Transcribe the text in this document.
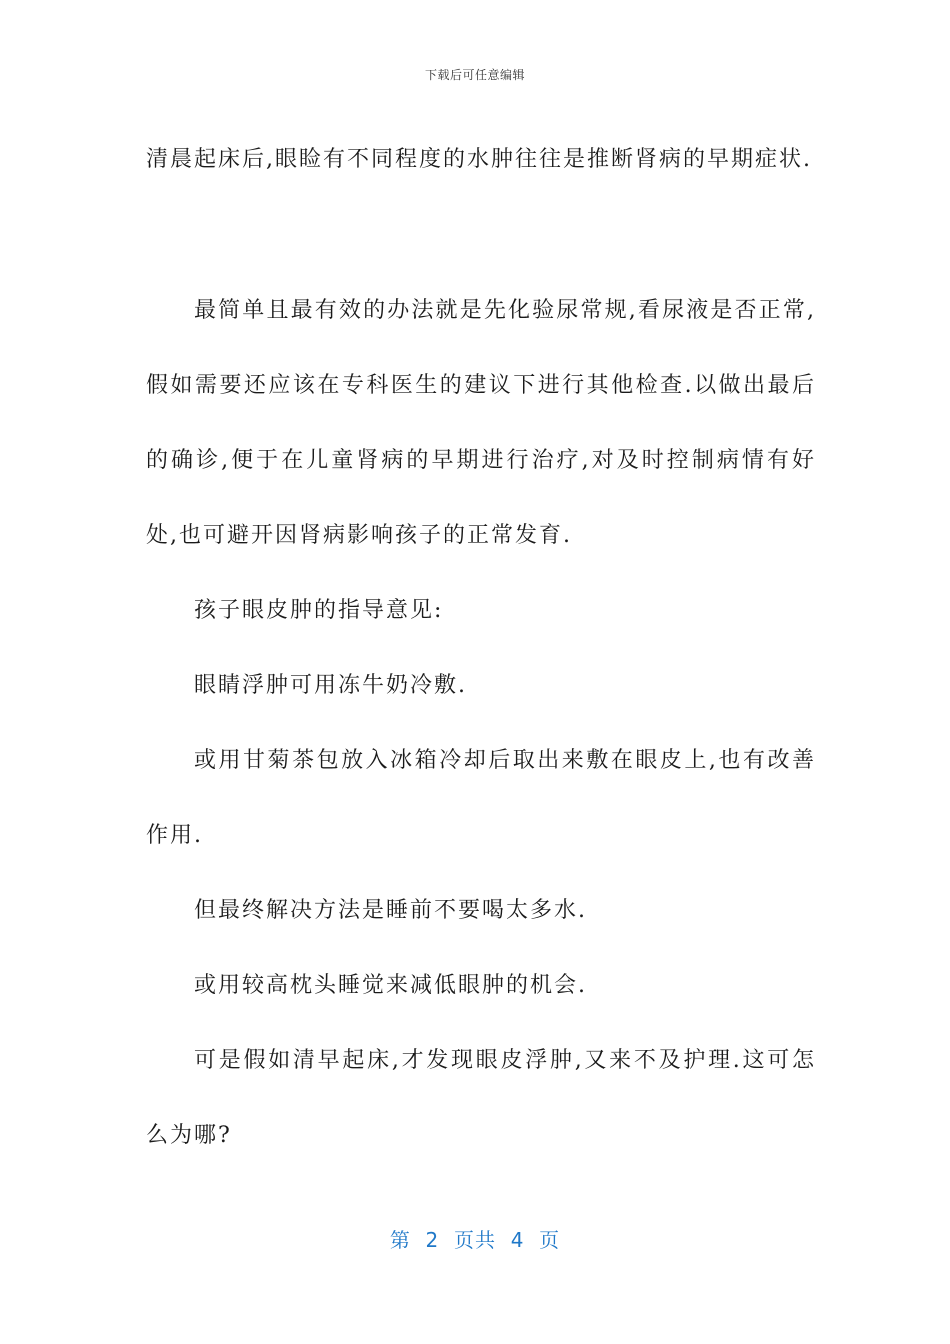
下载后可任意编辑

清晨起床后,眼睑有不同程度的水肿往往是推断肾病的早期症状.

最简单且最有效的办法就是先化验尿常规,看尿液是否正常,假如需要还应该在专科医生的建议下进行其他检查.以做出最后的确诊,便于在儿童肾病的早期进行治疗,对及时控制病情有好处,也可避开因肾病影响孩子的正常发育.

孩子眼皮肿的指导意见:

眼睛浮肿可用冻牛奶冷敷.

或用甘菊茶包放入冰箱冷却后取出来敷在眼皮上,也有改善作用.

但最终解决方法是睡前不要喝太多水.

或用较高枕头睡觉来减低眼肿的机会.

可是假如清早起床,才发现眼皮浮肿,又来不及护理.这可怎么为哪?

第  2  页共  4  页
